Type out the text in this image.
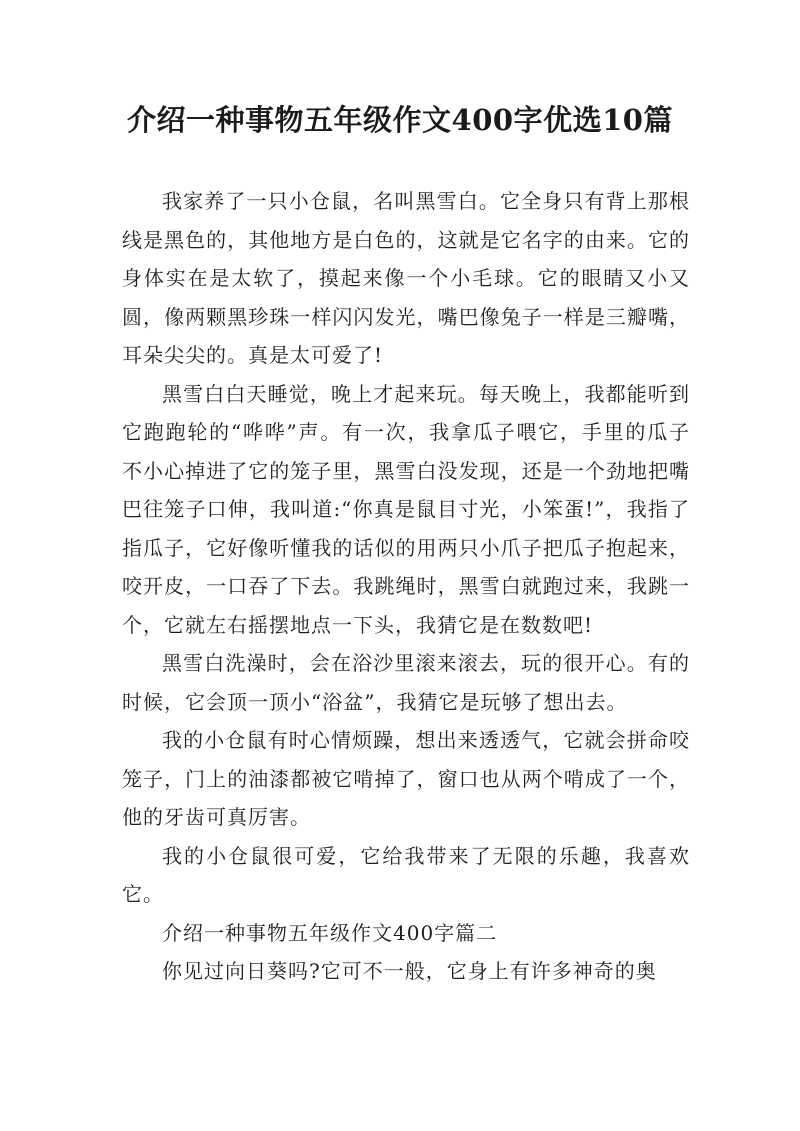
介绍一种事物五年级作文400字优选10篇

我家养了一只小仓鼠，名叫黑雪白。它全身只有背上那根线是黑色的，其他地方是白色的，这就是它名字的由来。它的身体实在是太软了，摸起来像一个小毛球。它的眼睛又小又圆，像两颗黑珍珠一样闪闪发光，嘴巴像兔子一样是三瓣嘴，耳朵尖尖的。真是太可爱了!

黑雪白白天睡觉，晚上才起来玩。每天晚上，我都能听到它跑跑轮的“哗哗”声。有一次，我拿瓜子喂它，手里的瓜子不小心掉进了它的笼子里，黑雪白没发现，还是一个劲地把嘴巴往笼子口伸，我叫道:“你真是鼠目寸光，小笨蛋!”，我指了指瓜子，它好像听懂我的话似的用两只小爪子把瓜子抱起来，咬开皮，一口吞了下去。我跳绳时，黑雪白就跑过来，我跳一个，它就左右摇摆地点一下头，我猜它是在数数吧!

黑雪白洗澡时，会在浴沙里滚来滚去，玩的很开心。有的时候，它会顶一顶小“浴盆”，我猜它是玩够了想出去。

我的小仓鼠有时心情烦躁，想出来透透气，它就会拼命咬笼子，门上的油漆都被它啃掉了，窗口也从两个啃成了一个，他的牙齿可真厉害。

我的小仓鼠很可爱，它给我带来了无限的乐趣，我喜欢它。

介绍一种事物五年级作文400字篇二

你见过向日葵吗?它可不一般，它身上有许多神奇的奥
